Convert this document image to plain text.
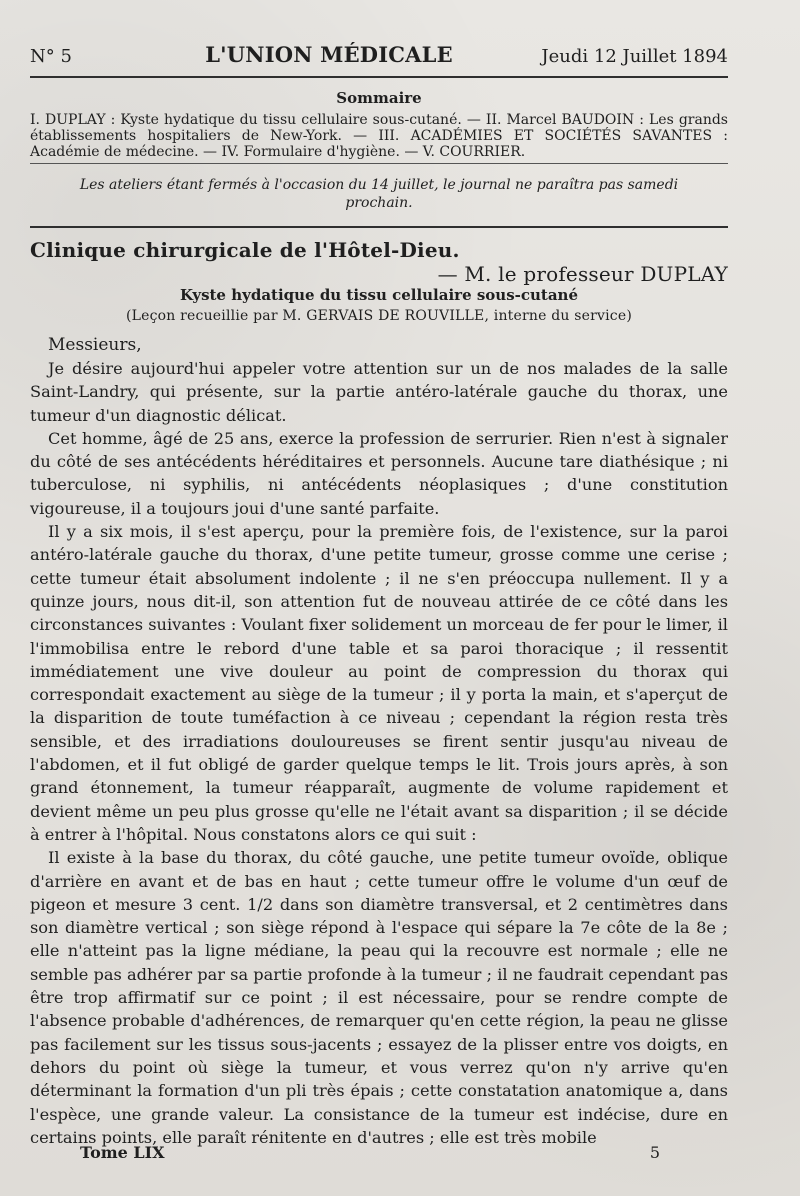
N° 5	L'UNION MÉDICALE	Jeudi 12 Juillet 1894
Sommaire

I. DUPLAY : Kyste hydatique du tissu cellulaire sous-cutané. — II. Marcel BAUDOIN : Les grands établissements hospitaliers de New-York. — III. ACADÉMIES ET SOCIÉTÉS SAVANTES : Académie de médecine. — IV. Formulaire d'hygiène. — V. COURRIER.

Les ateliers étant fermés à l'occasion du 14 juillet, le journal ne paraîtra pas samedi prochain.
Clinique chirurgicale de l'Hôtel-Dieu.
— M. le professeur DUPLAY
Kyste hydatique du tissu cellulaire sous-cutané
(Leçon recueillie par M. GERVAIS DE ROUVILLE, interne du service)

Messieurs,

Je désire aujourd'hui appeler votre attention sur un de nos malades de la salle Saint-Landry, qui présente, sur la partie antéro-latérale gauche du thorax, une tumeur d'un diagnostic délicat.

Cet homme, âgé de 25 ans, exerce la profession de serrurier. Rien n'est à signaler du côté de ses antécédents héréditaires et personnels. Aucune tare diathésique ; ni tuberculose, ni syphilis, ni antécédents néoplasiques ; d'une constitution vigoureuse, il a toujours joui d'une santé parfaite.

Il y a six mois, il s'est aperçu, pour la première fois, de l'existence, sur la paroi antéro-latérale gauche du thorax, d'une petite tumeur, grosse comme une cerise ; cette tumeur était absolument indolente ; il ne s'en préoccupa nullement. Il y a quinze jours, nous dit-il, son attention fut de nouveau attirée de ce côté dans les circonstances suivantes : Voulant fixer solidement un morceau de fer pour le limer, il l'immobilisa entre le rebord d'une table et sa paroi thoracique ; il ressentit immédiatement une vive douleur au point de compression du thorax qui correspondait exactement au siège de la tumeur ; il y porta la main, et s'aperçut de la disparition de toute tuméfaction à ce niveau ; cependant la région resta très sensible, et des irradiations douloureuses se firent sentir jusqu'au niveau de l'abdomen, et il fut obligé de garder quelque temps le lit. Trois jours après, à son grand étonnement, la tumeur réapparaît, augmente de volume rapidement et devient même un peu plus grosse qu'elle ne l'était avant sa disparition ; il se décide à entrer à l'hôpital. Nous constatons alors ce qui suit :

Il existe à la base du thorax, du côté gauche, une petite tumeur ovoïde, oblique d'arrière en avant et de bas en haut ; cette tumeur offre le volume d'un œuf de pigeon et mesure 3 cent. 1/2 dans son diamètre transversal, et 2 centimètres dans son diamètre vertical ; son siège répond à l'espace qui sépare la 7e côte de la 8e ; elle n'atteint pas la ligne médiane, la peau qui la recouvre est normale ; elle ne semble pas adhérer par sa partie profonde à la tumeur ; il ne faudrait cependant pas être trop affirmatif sur ce point ; il est nécessaire, pour se rendre compte de l'absence probable d'adhérences, de remarquer qu'en cette région, la peau ne glisse pas facilement sur les tissus sous-jacents ; essayez de la plisser entre vos doigts, en dehors du point où siège la tumeur, et vous verrez qu'on n'y arrive qu'en déterminant la formation d'un pli très épais ; cette constatation anatomique a, dans l'espèce, une grande valeur. La consistance de la tumeur est indécise, dure en certains points, elle paraît rénitente en d'autres ; elle est très mobile

Tome LIX	5
